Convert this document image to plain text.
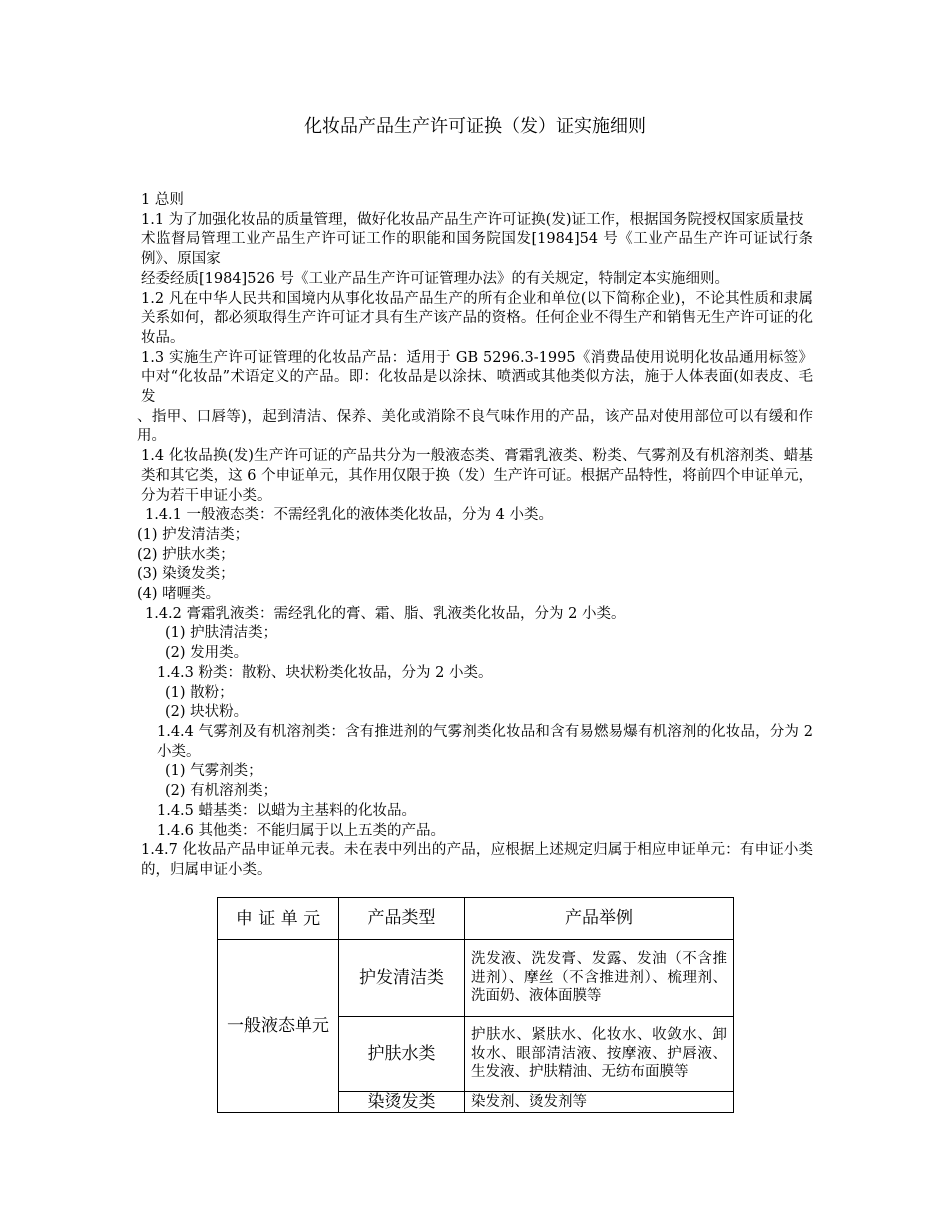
化妆品产品生产许可证换（发）证实施细则

1 总则

1.1 为了加强化妆品的质量管理，做好化妆品产品生产许可证换(发)证工作，根据国务院授权国家质量技

术监督局管理工业产品生产许可证工作的职能和国务院国发[1984]54 号《工业产品生产许可证试行条例》、原国家

经委经质[1984]526 号《工业产品生产许可证管理办法》的有关规定，特制定本实施细则。

1.2 凡在中华人民共和国境内从事化妆品产品生产的所有企业和单位(以下简称企业)，不论其性质和隶属关系如何，都必须取得生产许可证才具有生产该产品的资格。任何企业不得生产和销售无生产许可证的化妆品。

1.3 实施生产许可证管理的化妆品产品：适用于 GB 5296.3-1995《消费品使用说明化妆品通用标签》中对“化妆品”术语定义的产品。即：化妆品是以涂抹、喷洒或其他类似方法，施于人体表面(如表皮、毛发

、指甲、口唇等)，起到清洁、保养、美化或消除不良气味作用的产品，该产品对使用部位可以有缓和作用。

1.4 化妆品换(发)生产许可证的产品共分为一般液态类、膏霜乳液类、粉类、气雾剂及有机溶剂类、蜡基类和其它类，这 6 个申证单元，其作用仅限于换（发）生产许可证。根据产品特性，将前四个申证单元，分为若干申证小类。

1.4.1 一般液态类：不需经乳化的液体类化妆品，分为 4 小类。

(1) 护发清洁类；

(2) 护肤水类；

(3) 染烫发类；

(4) 啫喱类。

1.4.2 膏霜乳液类：需经乳化的膏、霜、脂、乳液类化妆品，分为 2 小类。

(1) 护肤清洁类；

(2) 发用类。

1.4.3 粉类：散粉、块状粉类化妆品，分为 2 小类。

(1) 散粉；

(2) 块状粉。

1.4.4 气雾剂及有机溶剂类：含有推进剂的气雾剂类化妆品和含有易燃易爆有机溶剂的化妆品，分为 2 小类。

(1) 气雾剂类；

(2) 有机溶剂类；

1.4.5 蜡基类：以蜡为主基料的化妆品。

1.4.6 其他类：不能归属于以上五类的产品。

1.4.7 化妆品产品申证单元表。未在表中列出的产品，应根据上述规定归属于相应申证单元：有申证小类的，归属申证小类。

申 证 单 元	产品类型	产品举例
一般液态单元	护发清洁类	洗发液、洗发膏、发露、发油（不含推进剂）、摩丝（不含推进剂）、梳理剂、洗面奶、液体面膜等
	护肤水类	护肤水、紧肤水、化妆水、收敛水、卸妆水、眼部清洁液、按摩液、护唇液、生发液、护肤精油、无纺布面膜等
	染烫发类	染发剂、烫发剂等
